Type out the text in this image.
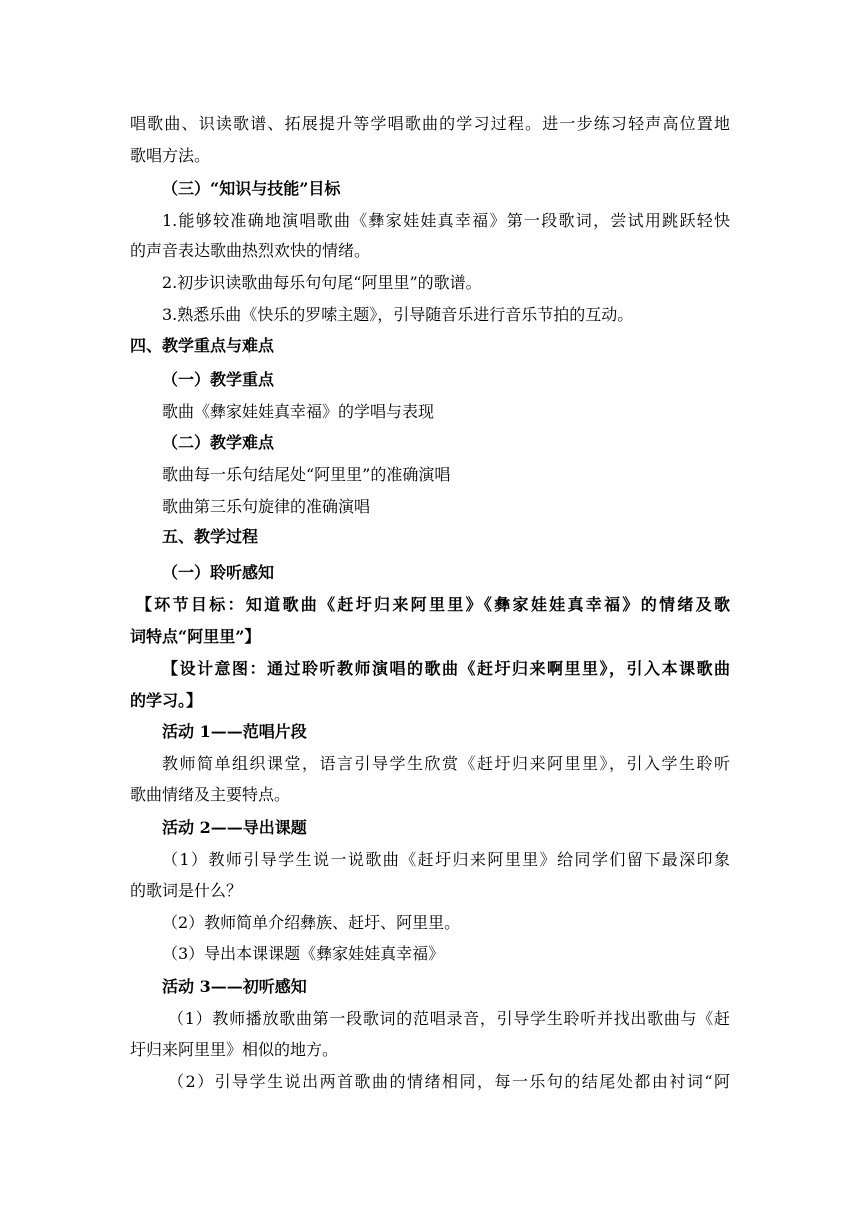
唱歌曲、识读歌谱、拓展提升等学唱歌曲的学习过程。进一步练习轻声高位置地

歌唱方法。

（三）“知识与技能”目标

1.能够较准确地演唱歌曲《彝家娃娃真幸福》第一段歌词，尝试用跳跃轻快

的声音表达歌曲热烈欢快的情绪。

2.初步识读歌曲每乐句句尾“阿里里”的歌谱。

3.熟悉乐曲《快乐的罗嗦主题》，引导随音乐进行音乐节拍的互动。

四、教学重点与难点

（一）教学重点

歌曲《彝家娃娃真幸福》的学唱与表现

（二）教学难点

歌曲每一乐句结尾处“阿里里”的准确演唱

歌曲第三乐句旋律的准确演唱

五、教学过程

（一）聆听感知

【环节目标：知道歌曲《赶圩归来阿里里》《彝家娃娃真幸福》的情绪及歌

词特点“阿里里”】

【设计意图：通过聆听教师演唱的歌曲《赶圩归来啊里里》，引入本课歌曲

的学习。】

活动 1——范唱片段

教师简单组织课堂，语言引导学生欣赏《赶圩归来阿里里》，引入学生聆听

歌曲情绪及主要特点。

活动 2——导出课题

（1）教师引导学生说一说歌曲《赶圩归来阿里里》给同学们留下最深印象

的歌词是什么？

（2）教师简单介绍彝族、赶圩、阿里里。

（3）导出本课课题《彝家娃娃真幸福》

活动 3——初听感知

（1）教师播放歌曲第一段歌词的范唱录音，引导学生聆听并找出歌曲与《赶

圩归来阿里里》相似的地方。

（2）引导学生说出两首歌曲的情绪相同，每一乐句的结尾处都由衬词“阿
